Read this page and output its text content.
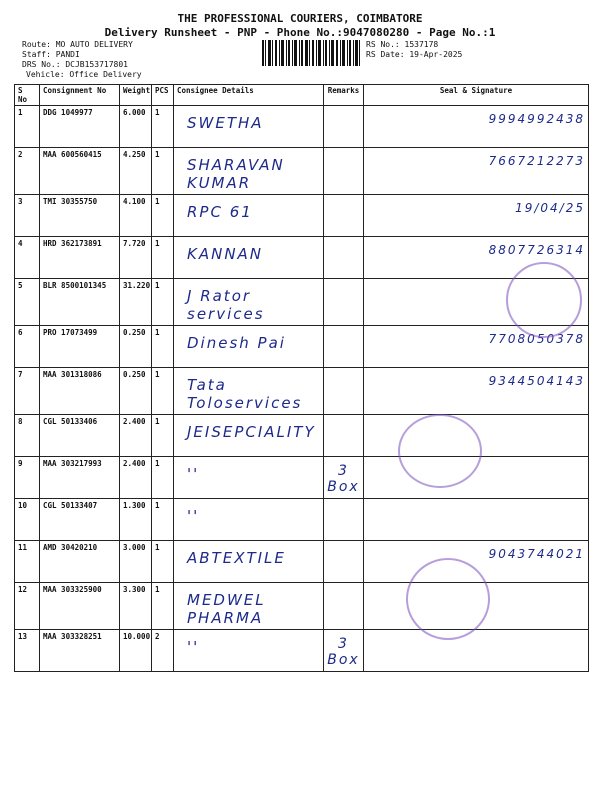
THE PROFESSIONAL COURIERS, COIMBATORE
Delivery Runsheet - PNP - Phone No.:9047080280 - Page No.:1
Route: MO AUTO DELIVERY
Staff: PANDI
DRS No.: DCJB153717801
Vehicle: Office Delivery
RS No.: 1537178
RS Date: 19-Apr-2025
S No	Consignment No	Weight	PCS	Consignee Details	Remarks	Seal & Signature
1	DDG 1049977	6.000	1	SWETHA		9994992438

2	MAA 600560415	4.250	1	SHARAVAN KUMAR		7667212273

3	TMI 30355750	4.100	1	RPC 61		19/04/25

4	HRD 362173891	7.720	1	KANNAN		8807726314

5	BLR 8500101345	31.220	1	J Rator services		

6	PRO 17073499	0.250	1	Dinesh Pai		7708050378

7	MAA 301318086	0.250	1	Tata Toloservices		9344504143

8	CGL 50133406	2.400	1	JEISEPCIALITY		

9	MAA 303217993	2.400	1	''	3 Box	

10	CGL 50133407	1.300	1	''		

11	AMD 30420210	3.000	1	ABTEXTILE		9043744021

12	MAA 303325900	3.300	1	MEDWEL PHARMA		

13	MAA 303328251	10.000	2	''	3 Box	
